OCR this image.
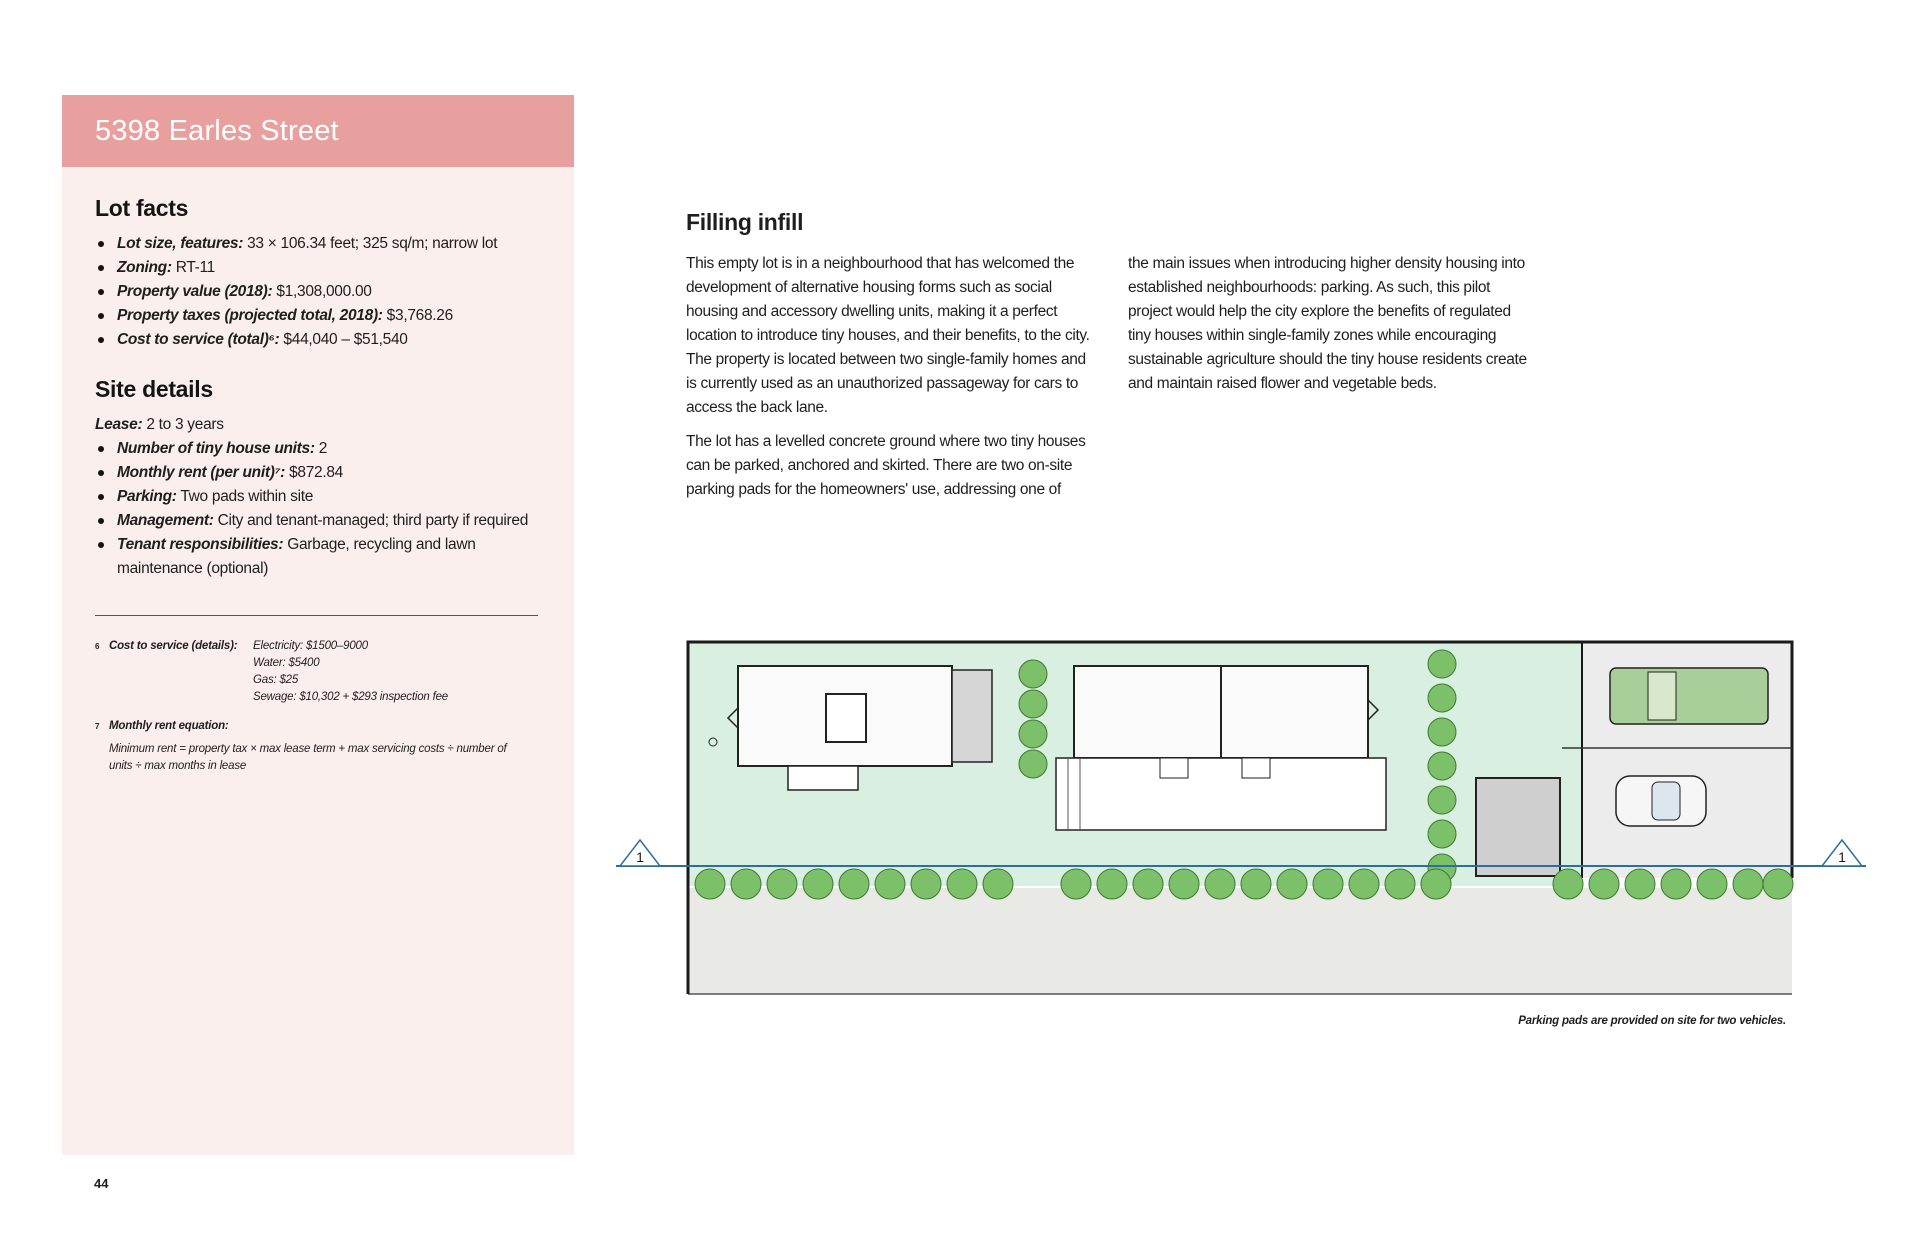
5398 Earles Street
Lot facts
Lot size, features: 33 × 106.34 feet; 325 sq/m; narrow lot
Zoning: RT-11
Property value (2018): $1,308,000.00
Property taxes (projected total, 2018): $3,768.26
Cost to service (total)⁶: $44,040 – $51,540
Site details
Lease: 2 to 3 years
Number of tiny house units: 2
Monthly rent (per unit)⁷: $872.84
Parking: Two pads within site
Management: City and tenant-managed; third party if required
Tenant responsibilities: Garbage, recycling and lawn maintenance (optional)
6 Cost to service (details):	Electricity: $1500–9000
Water: $5400
Gas: $25
Sewage: $10,302 + $293 inspection fee
7 Monthly rent equation:
Minimum rent = property tax × max lease term + max servicing costs ÷ number of units ÷ max months in lease
44
Filling infill

This empty lot is in a neighbourhood that has welcomed the development of alternative housing forms such as social housing and accessory dwelling units, making it a perfect location to introduce tiny houses, and their benefits, to the city. The property is located between two single-family homes and is currently used as an unauthorized passageway for cars to access the back lane.

The lot has a levelled concrete ground where two tiny houses can be parked, anchored and skirted. There are two on-site parking pads for the homeowners' use, addressing one of

the main issues when introducing higher density housing into established neighbourhoods: parking. As such, this pilot project would help the city explore the benefits of regulated tiny houses within single-family zones while encouraging sustainable agriculture should the tiny house residents create and maintain raised flower and vegetable beds.

1	1
Parking pads are provided on site for two vehicles.
